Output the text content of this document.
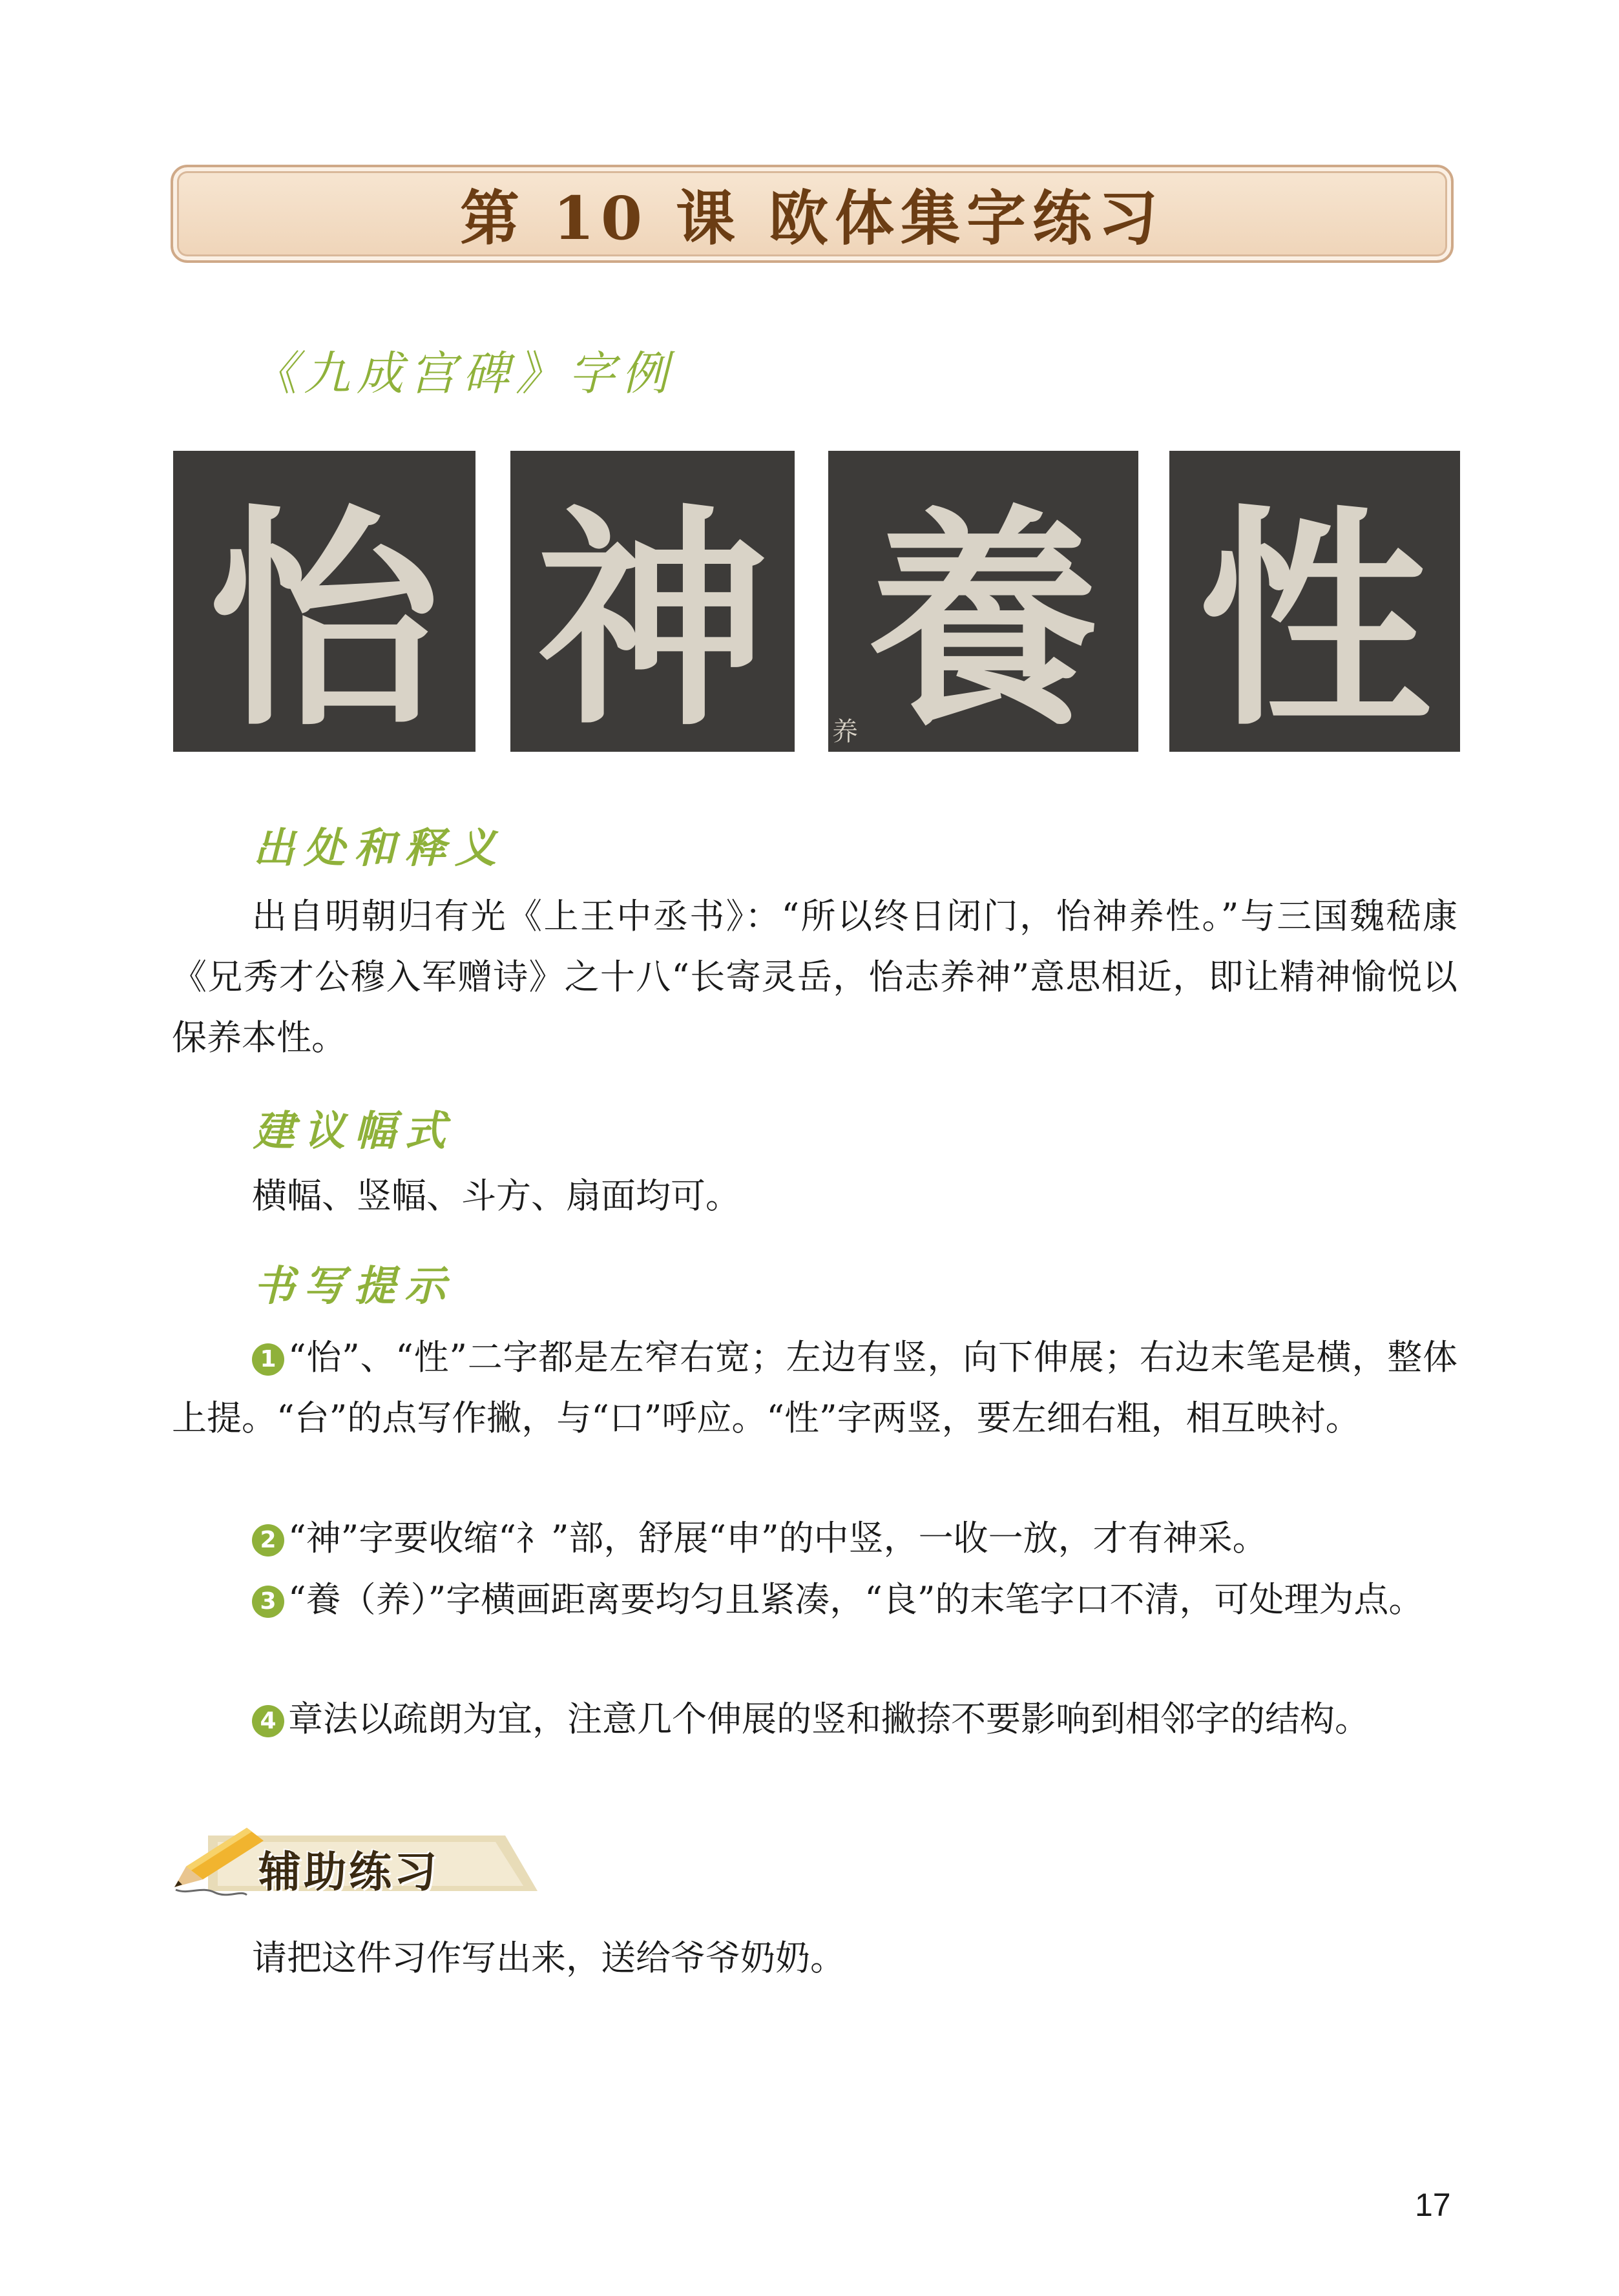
第 10 课 欧体集字练习
《九成宫碑》字例
怡 神 養
养 性
出处和释义
出自明朝归有光《上王中丞书》：“所以终日闭门，怡神养性。”与三国魏嵇康《兄秀才公穆入军赠诗》之十八“长寄灵岳，怡志养神”意思相近，即让精神愉悦以保养本性。
建议幅式
横幅、竖幅、斗方、扇面均可。
书写提示
1 “怡”、“性”二字都是左窄右宽；左边有竖，向下伸展；右边末笔是横，整体上提。“台”的点写作撇，与“口”呼应。“性”字两竖，要左细右粗，相互映衬。
2 “神”字要收缩“礻”部，舒展“申”的中竖，一收一放，才有神采。
3 “養（养）”字横画距离要均匀且紧凑，“良”的末笔字口不清，可处理为点。
4 章法以疏朗为宜，注意几个伸展的竖和撇捺不要影响到相邻字的结构。
辅助练习
请把这件习作写出来，送给爷爷奶奶。
17
